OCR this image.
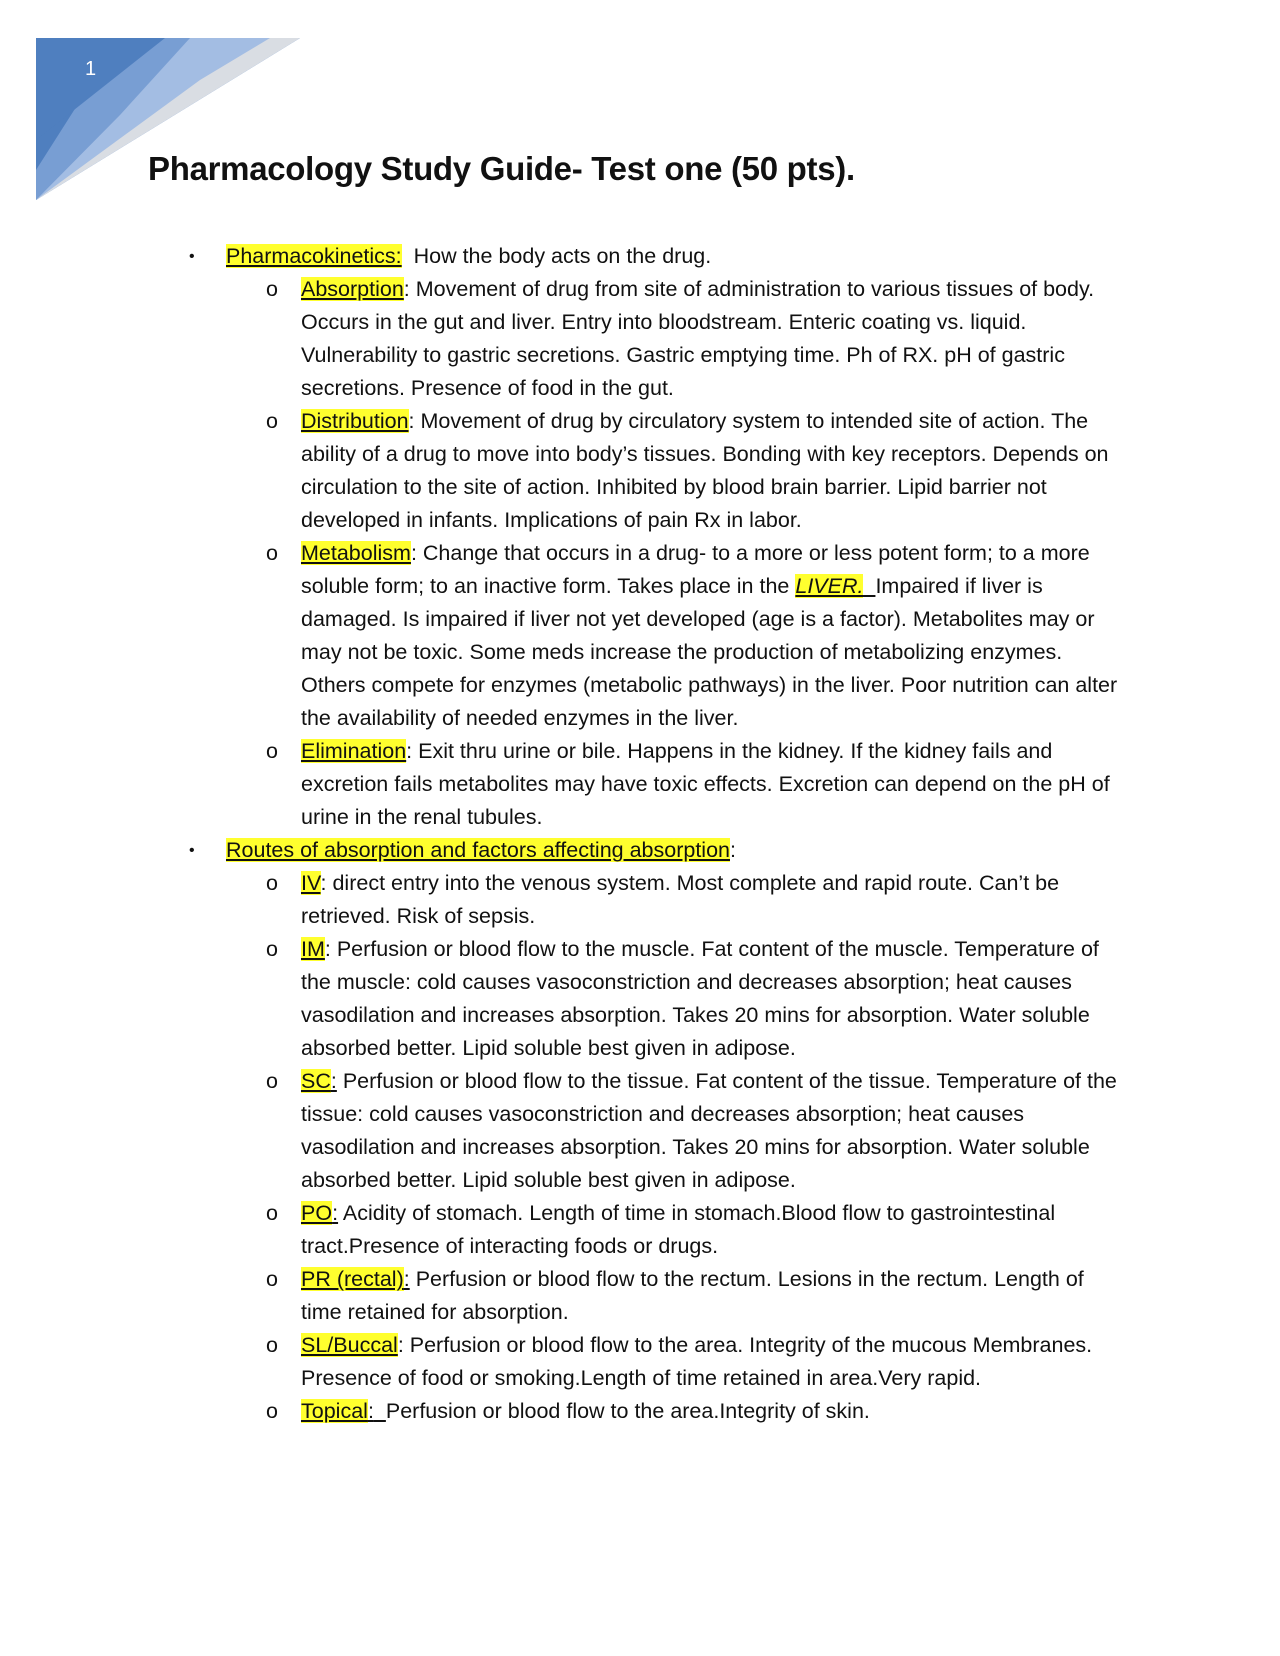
1
Pharmacology Study Guide- Test one (50 pts).
• Pharmacokinetics:  How the body acts on the drug.
o Absorption: Movement of drug from site of administration to various tissues of body. Occurs in the gut and liver. Entry into bloodstream. Enteric coating vs. liquid. Vulnerability to gastric secretions. Gastric emptying time. Ph of RX. pH of gastric secretions. Presence of food in the gut.
o Distribution: Movement of drug by circulatory system to intended site of action. The ability of a drug to move into body’s tissues. Bonding with key receptors. Depends on circulation to the site of action. Inhibited by blood brain barrier. Lipid barrier not developed in infants. Implications of pain Rx in labor.
o Metabolism: Change that occurs in a drug- to a more or less potent form; to a more soluble form; to an inactive form. Takes place in the LIVER. Impaired if liver is damaged. Is impaired if liver not yet developed (age is a factor). Metabolites may or may not be toxic. Some meds increase the production of metabolizing enzymes. Others compete for enzymes (metabolic pathways) in the liver. Poor nutrition can alter the availability of needed enzymes in the liver.
o Elimination: Exit thru urine or bile. Happens in the kidney. If the kidney fails and excretion fails metabolites may have toxic effects. Excretion can depend on the pH of urine in the renal tubules.
• Routes of absorption and factors affecting absorption:
o IV: direct entry into the venous system. Most complete and rapid route. Can’t be retrieved. Risk of sepsis.
o IM: Perfusion or blood flow to the muscle. Fat content of the muscle. Temperature of the muscle: cold causes vasoconstriction and decreases absorption; heat causes vasodilation and increases absorption. Takes 20 mins for absorption. Water soluble absorbed better. Lipid soluble best given in adipose.
o SC: Perfusion or blood flow to the tissue. Fat content of the tissue. Temperature of the tissue: cold causes vasoconstriction and decreases absorption; heat causes vasodilation and increases absorption. Takes 20 mins for absorption. Water soluble absorbed better. Lipid soluble best given in adipose.
o PO: Acidity of stomach. Length of time in stomach.Blood flow to gastrointestinal tract.Presence of interacting foods or drugs.
o PR (rectal): Perfusion or blood flow to the rectum. Lesions in the rectum. Length of time retained for absorption.
o SL/Buccal: Perfusion or blood flow to the area. Integrity of the mucous Membranes. Presence of food or smoking.Length of time retained in area.Very rapid.
o Topical: Perfusion or blood flow to the area.Integrity of skin.
